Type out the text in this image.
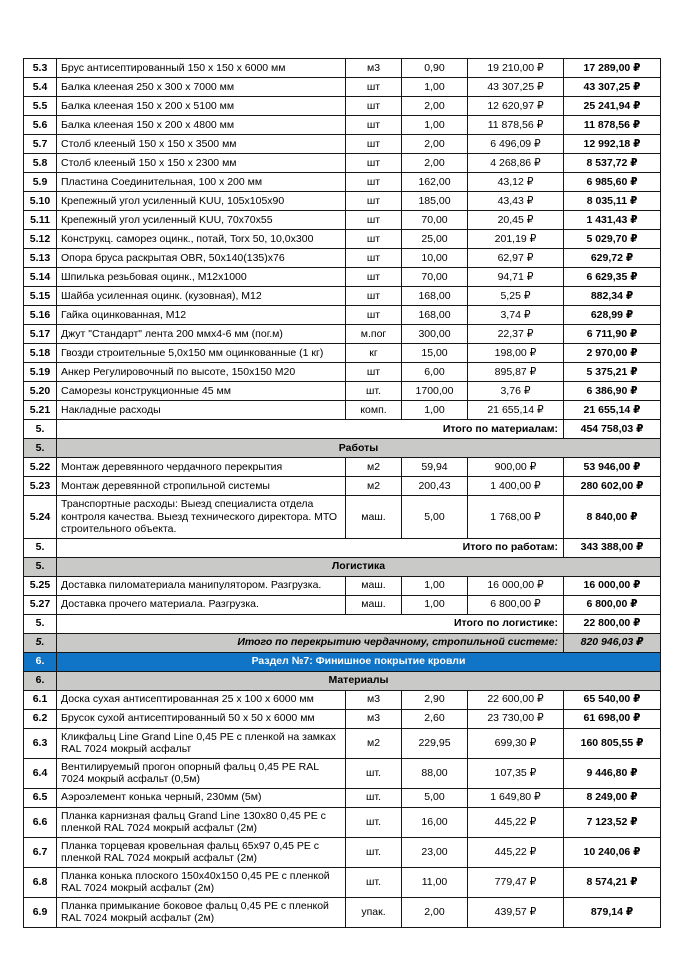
5.3	Брус антисептированный 150 х 150 х 6000 мм	м3	0,90	19 210,00 ₽	17 289,00 ₽
5.4	Балка клееная 250 х 300 х 7000 мм	шт	1,00	43 307,25 ₽	43 307,25 ₽
5.5	Балка клееная 150 х 200 х 5100 мм	шт	2,00	12 620,97 ₽	25 241,94 ₽
5.6	Балка клееная 150 х 200 х 4800 мм	шт	1,00	11 878,56 ₽	11 878,56 ₽
5.7	Столб клееный 150 х 150 х 3500 мм	шт	2,00	6 496,09 ₽	12 992,18 ₽
5.8	Столб клееный 150 х 150 х 2300 мм	шт	2,00	4 268,86 ₽	8 537,72 ₽
5.9	Пластина Соединительная, 100 х 200 мм	шт	162,00	43,12 ₽	6 985,60 ₽
5.10	Крепежный угол усиленный KUU, 105х105х90	шт	185,00	43,43 ₽	8 035,11 ₽
5.11	Крепежный угол усиленный KUU, 70х70х55	шт	70,00	20,45 ₽	1 431,43 ₽
5.12	Конструкц. саморез оцинк., потай, Torx 50, 10,0х300	шт	25,00	201,19 ₽	5 029,70 ₽
5.13	Опора бруса раскрытая OBR, 50х140(135)х76	шт	10,00	62,97 ₽	629,72 ₽
5.14	Шпилька резьбовая оцинк., М12х1000	шт	70,00	94,71 ₽	6 629,35 ₽
5.15	Шайба усиленная оцинк. (кузовная), М12	шт	168,00	5,25 ₽	882,34 ₽
5.16	Гайка оцинкованная, М12	шт	168,00	3,74 ₽	628,99 ₽
5.17	Джут "Стандарт" лента 200 ммх4-6 мм (пог.м)	м.пог	300,00	22,37 ₽	6 711,90 ₽
5.18	Гвозди строительные 5,0х150 мм оцинкованные (1 кг)	кг	15,00	198,00 ₽	2 970,00 ₽
5.19	Анкер Регулировочный по высоте, 150х150 М20	шт	6,00	895,87 ₽	5 375,21 ₽
5.20	Саморезы конструкционные 45 мм	шт.	1700,00	3,76 ₽	6 386,90 ₽
5.21	Накладные расходы	комп.	1,00	21 655,14 ₽	21 655,14 ₽
5.	Итого по материалам:				454 758,03 ₽
5.	Работы				
5.22	Монтаж деревянного чердачного перекрытия	м2	59,94	900,00 ₽	53 946,00 ₽
5.23	Монтаж деревянной стропильной системы	м2	200,43	1 400,00 ₽	280 602,00 ₽
5.24	Транспортные расходы: Выезд специалиста отдела контроля качества. Выезд технического директора. МТО строительного объекта.	маш.	5,00	1 768,00 ₽	8 840,00 ₽
5.	Итого по работам:				343 388,00 ₽
5.	Логистика				
5.25	Доставка пиломатериала манипулятором. Разгрузка.	маш.	1,00	16 000,00 ₽	16 000,00 ₽
5.27	Доставка прочего материала. Разгрузка.	маш.	1,00	6 800,00 ₽	6 800,00 ₽
5.	Итого по логистике:				22 800,00 ₽
5.	Итого по перекрытию чердачному, стропильной системе:				820 946,03 ₽
6.	Раздел №7: Финишное покрытие кровли				
6.	Материалы				
6.1	Доска сухая антисептированная 25 х 100 х 6000 мм	м3	2,90	22 600,00 ₽	65 540,00 ₽
6.2	Брусок сухой антисептированный 50 х 50 х 6000 мм	м3	2,60	23 730,00 ₽	61 698,00 ₽
6.3	Кликфальц Line Grand Line 0,45 PE с пленкой на замках RAL 7024 мокрый асфальт	м2	229,95	699,30 ₽	160 805,55 ₽
6.4	Вентилируемый прогон опорный фальц 0,45 PE RAL 7024 мокрый асфальт (0,5м)	шт.	88,00	107,35 ₽	9 446,80 ₽
6.5	Аэроэлемент конька черный, 230мм (5м)	шт.	5,00	1 649,80 ₽	8 249,00 ₽
6.6	Планка карнизная фальц Grand Line 130х80 0,45 PE с пленкой RAL 7024 мокрый асфальт (2м)	шт.	16,00	445,22 ₽	7 123,52 ₽
6.7	Планка торцевая кровельная фальц 65х97 0,45 PE с пленкой RAL 7024 мокрый асфальт (2м)	шт.	23,00	445,22 ₽	10 240,06 ₽
6.8	Планка конька плоского 150х40х150 0,45 PE с пленкой RAL 7024 мокрый асфальт (2м)	шт.	11,00	779,47 ₽	8 574,21 ₽
6.9	Планка примыкание боковое фальц 0,45 PE с пленкой RAL 7024 мокрый асфальт (2м)	упак.	2,00	439,57 ₽	879,14 ₽
